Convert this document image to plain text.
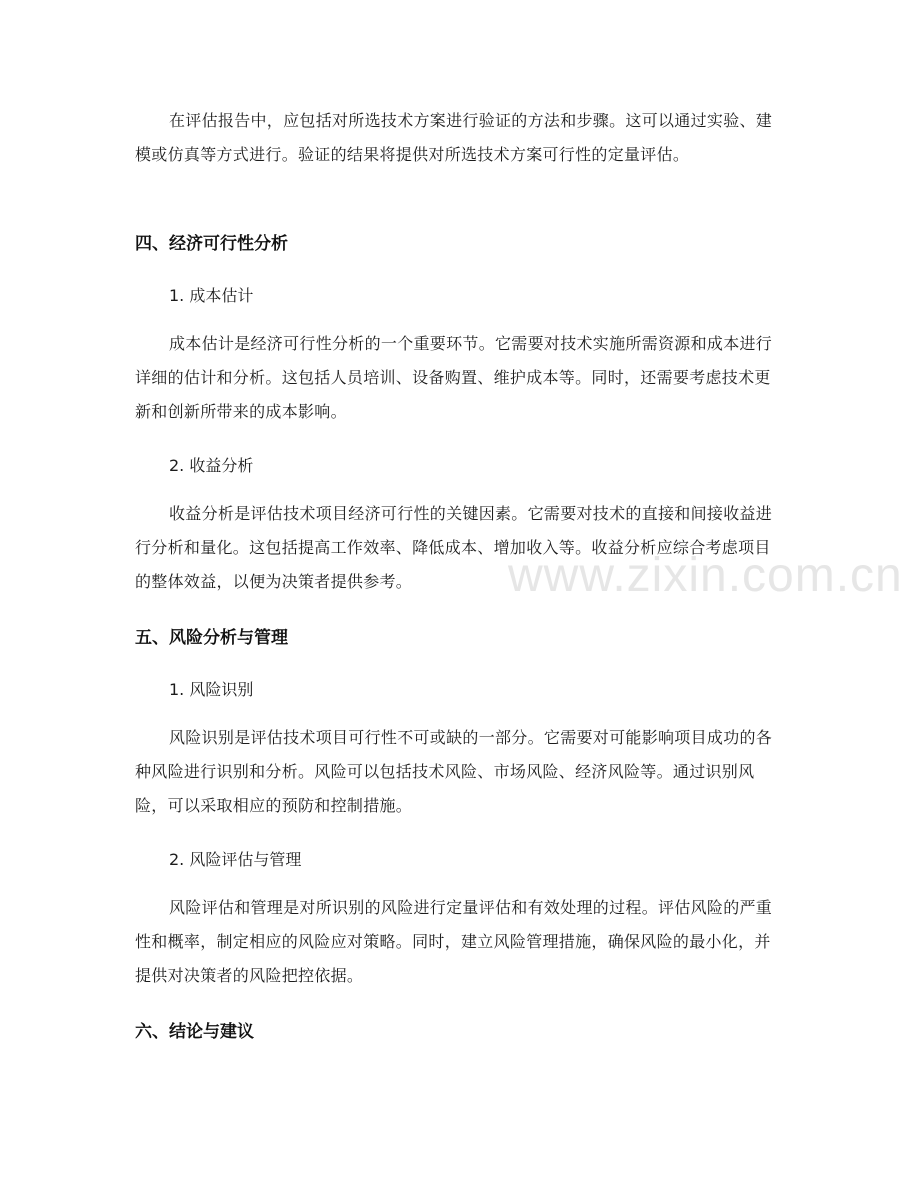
www.zixin.com.cn

在评估报告中，应包括对所选技术方案进行验证的方法和步骤。这可以通过实验、建模或仿真等方式进行。验证的结果将提供对所选技术方案可行性的定量评估。

四、经济可行性分析

1. 成本估计

成本估计是经济可行性分析的一个重要环节。它需要对技术实施所需资源和成本进行详细的估计和分析。这包括人员培训、设备购置、维护成本等。同时，还需要考虑技术更新和创新所带来的成本影响。

2. 收益分析

收益分析是评估技术项目经济可行性的关键因素。它需要对技术的直接和间接收益进行分析和量化。这包括提高工作效率、降低成本、增加收入等。收益分析应综合考虑项目的整体效益，以便为决策者提供参考。

五、风险分析与管理

1. 风险识别

风险识别是评估技术项目可行性不可或缺的一部分。它需要对可能影响项目成功的各种风险进行识别和分析。风险可以包括技术风险、市场风险、经济风险等。通过识别风险，可以采取相应的预防和控制措施。

2. 风险评估与管理

风险评估和管理是对所识别的风险进行定量评估和有效处理的过程。评估风险的严重性和概率，制定相应的风险应对策略。同时，建立风险管理措施，确保风险的最小化，并提供对决策者的风险把控依据。

六、结论与建议
